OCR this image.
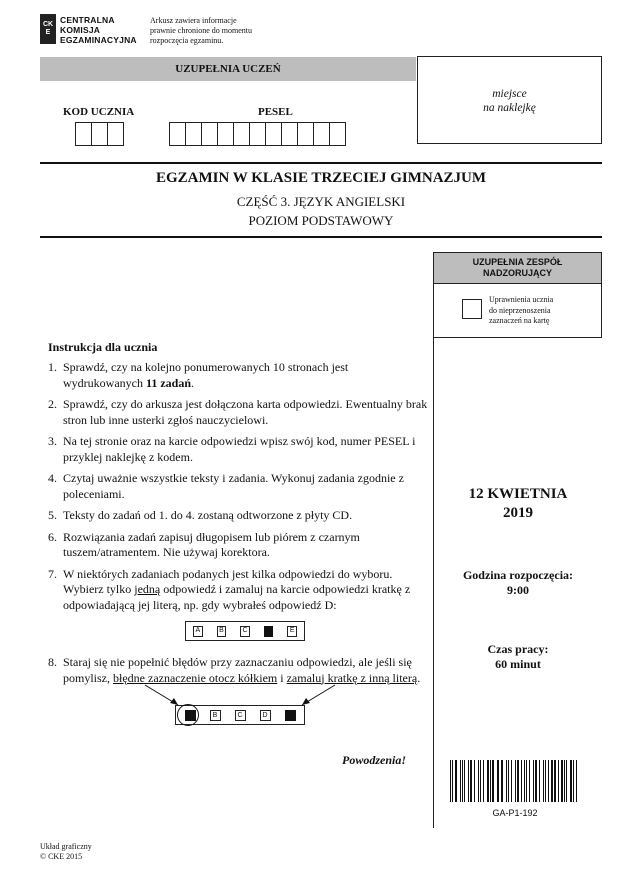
CK
E
CENTRALNA
KOMISJA
EGZAMINACYJNA
Arkusz zawiera informacje
prawnie chronione do momentu
rozpoczęcia egzaminu.
UZUPEŁNIA UCZEŃ
miejsce
na naklejkę
KOD UCZNIA	PESEL
EGZAMIN W KLASIE TRZECIEJ GIMNAZJUM
CZĘŚĆ 3. JĘZYK ANGIELSKI
POZIOM PODSTAWOWY
UZUPEŁNIA ZESPÓŁ
NADZORUJĄCY
Uprawnienia ucznia
do nieprzenoszenia
zaznaczeń na kartę
Instrukcja dla ucznia
1. Sprawdź, czy na kolejno ponumerowanych 10 stronach jest wydrukowanych 11 zadań.
2. Sprawdź, czy do arkusza jest dołączona karta odpowiedzi. Ewentualny brak stron lub inne usterki zgłoś nauczycielowi.
3. Na tej stronie oraz na karcie odpowiedzi wpisz swój kod, numer PESEL i przyklej naklejkę z kodem.
4. Czytaj uważnie wszystkie teksty i zadania. Wykonuj zadania zgodnie z poleceniami.
5. Teksty do zadań od 1. do 4. zostaną odtworzone z płyty CD.
6. Rozwiązania zadań zapisuj długopisem lub piórem z czarnym tuszem/atramentem. Nie używaj korektora.
7. W niektórych zadaniach podanych jest kilka odpowiedzi do wyboru. Wybierz tylko jedną odpowiedź i zamaluj na karcie odpowiedzi kratkę z odpowiadającą jej literą, np. gdy wybrałeś odpowiedź D:
A	B	C	E
8. Staraj się nie popełnić błędów przy zaznaczaniu odpowiedzi, ale jeśli się pomylisz, błędne zaznaczenie otocz kółkiem i zamaluj kratkę z inną literą.
B	C	D
12 KWIETNIA
2019
Godzina rozpoczęcia:
9:00
Czas pracy:
60 minut
Powodzenia!
GA-P1-192
Układ graficzny
© CKE 2015
